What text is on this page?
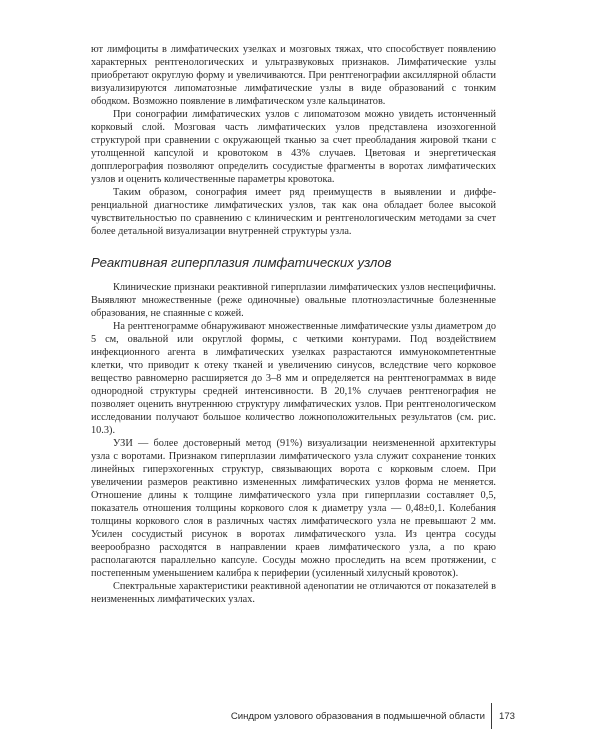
ют лимфоциты в лимфатических узелках и мозговых тяжах, что способствует появлению характерных рентгенологических и ультразвуковых признаков. Лимфатические узлы приобретают округлую форму и увеличиваются. При рентгенографии аксиллярной области визуализируются липоматозные лимфатические узлы в виде образований с тонким ободком. Возможно появление в лимфатическом узле кальцинатов.

При сонографии лимфатических узлов с липоматозом можно увидеть истонченный корковый слой. Мозговая часть лимфатических узлов представлена изоэхогенной структурой при сравнении с окружающей тканью за счет преобладания жировой ткани с утолщенной капсулой и кровотоком в 43% случаев. Цветовая и энергетическая допплерография позволяют определить сосудистые фрагменты в воротах лимфатических узлов и оценить количественные параметры кровотока.

Таким образом, сонография имеет ряд преимуществ в выявлении и дифференциальной диагностике лимфатических узлов, так как она обладает более высокой чувствительностью по сравнению с клиническим и рентгенологическим методами за счет более детальной визуализации внутренней структуры узла.

Реактивная гиперплазия лимфатических узлов

Клинические признаки реактивной гиперплазии лимфатических узлов неспецифичны. Выявляют множественные (реже одиночные) овальные плотноэластичные болезненные образования, не спаянные с кожей.

На рентгенограмме обнаруживают множественные лимфатические узлы диаметром до 5 см, овальной или округлой формы, с четкими контурами. Под воздействием инфекционного агента в лимфатических узелках разрастаются иммунокомпетентные клетки, что приводит к отеку тканей и увеличению синусов, вследствие чего корковое вещество равномерно расширяется до 3–8 мм и определяется на рентгенограммах в виде однородной структуры средней интенсивности. В 20,1% случаев рентгенография не позволяет оценить внутреннюю структуру лимфатических узлов. При рентгенологическом исследовании получают большое количество ложноположительных результатов (см. рис. 10.3).

УЗИ — более достоверный метод (91%) визуализации неизмененной архитектуры узла с воротами. Признаком гиперплазии лимфатического узла служит сохранение тонких линейных гиперэхогенных структур, связывающих ворота с корковым слоем. При увеличении размеров реактивно измененных лимфатических узлов форма не меняется. Отношение длины к толщине лимфатического узла при гиперплазии составляет 0,5, показатель отношения толщины коркового слоя к диаметру узла — 0,48±0,1. Колебания толщины коркового слоя в различных частях лимфатического узла не превышают 2 мм. Усилен сосудистый рисунок в воротах лимфатического узла. Из центра сосуды веерообразно расходятся в направлении краев лимфатического узла, а по краю располагаются параллельно капсуле. Сосуды можно проследить на всем протяжении, с постепенным уменьшением калибра к периферии (усиленный хилусный кровоток).

Спектральные характеристики реактивной аденопатии не отличаются от показателей в неизмененных лимфатических узлах.

Синдром узлового образования в подмышечной области 173
